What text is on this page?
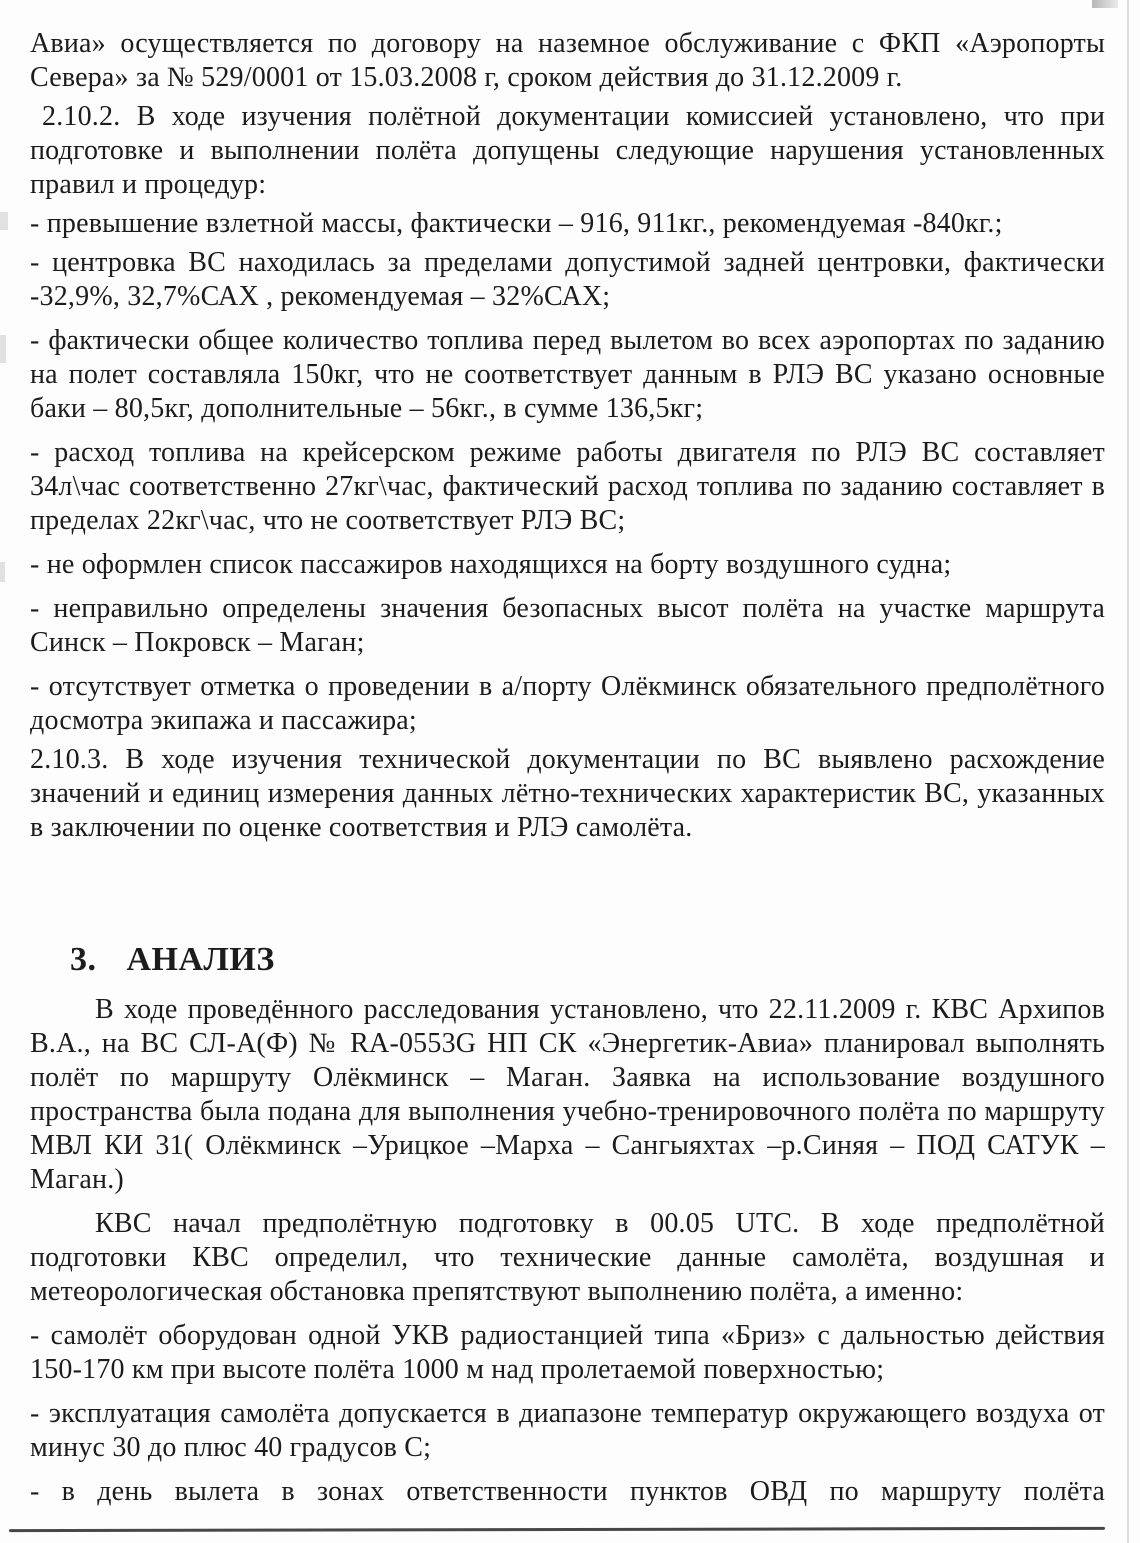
Авиа» осуществляется по договору на наземное обслуживание с ФКП «Аэропорты Севера» за № 529/0001 от 15.03.2008 г, сроком действия до 31.12.2009 г.

2.10.2. В ходе изучения полётной документации комиссией установлено, что при подготовке и выполнении полёта допущены следующие нарушения установленных правил и процедур:

- превышение взлетной массы, фактически – 916, 911кг., рекомендуемая -840кг.;

- центровка ВС находилась за пределами допустимой задней центровки, фактически -32,9%, 32,7%САХ , рекомендуемая – 32%САХ;

- фактически общее количество топлива перед вылетом во всех аэропортах по заданию на полет составляла 150кг, что не соответствует данным в РЛЭ ВС указано основные баки – 80,5кг, дополнительные – 56кг., в сумме 136,5кг;

- расход топлива на крейсерском режиме работы двигателя по РЛЭ ВС составляет 34л\час соответственно 27кг\час, фактический расход топлива по заданию составляет в пределах 22кг\час, что не соответствует РЛЭ ВС;

- не оформлен список пассажиров находящихся на борту воздушного судна;

- неправильно определены значения безопасных высот полёта на участке маршрута Синск – Покровск – Маган;

- отсутствует отметка о проведении в а/порту Олёкминск обязательного предполётного досмотра экипажа и пассажира;

2.10.3. В ходе изучения технической документации по ВС выявлено расхождение значений и единиц измерения данных лётно-технических характеристик ВС, указанных в заключении по оценке соответствия и РЛЭ самолёта.

3. АНАЛИЗ

В ходе проведённого расследования установлено, что 22.11.2009 г. КВС Архипов В.А., на ВС СЛ-А(Ф) № RA-0553G НП СК «Энергетик-Авиа» планировал выполнять полёт по маршруту Олёкминск – Маган. Заявка на использование воздушного пространства была подана для выполнения учебно-тренировочного полёта по маршруту МВЛ КИ 31( Олёкминск –Урицкое –Марха – Сангыяхтах –р.Синяя – ПОД САТУК – Маган.)

КВС начал предполётную подготовку в 00.05 UTC. В ходе предполётной подготовки КВС определил, что технические данные самолёта, воздушная и метеорологическая обстановка препятствуют выполнению полёта, а именно:

- самолёт оборудован одной УКВ радиостанцией типа «Бриз» с дальностью действия 150-170 км при высоте полёта 1000 м над пролетаемой поверхностью;

- эксплуатация самолёта допускается в диапазоне температур окружающего воздуха от минус 30 до плюс 40 градусов С;

- в день вылета в зонах ответственности пунктов ОВД по маршруту полёта
